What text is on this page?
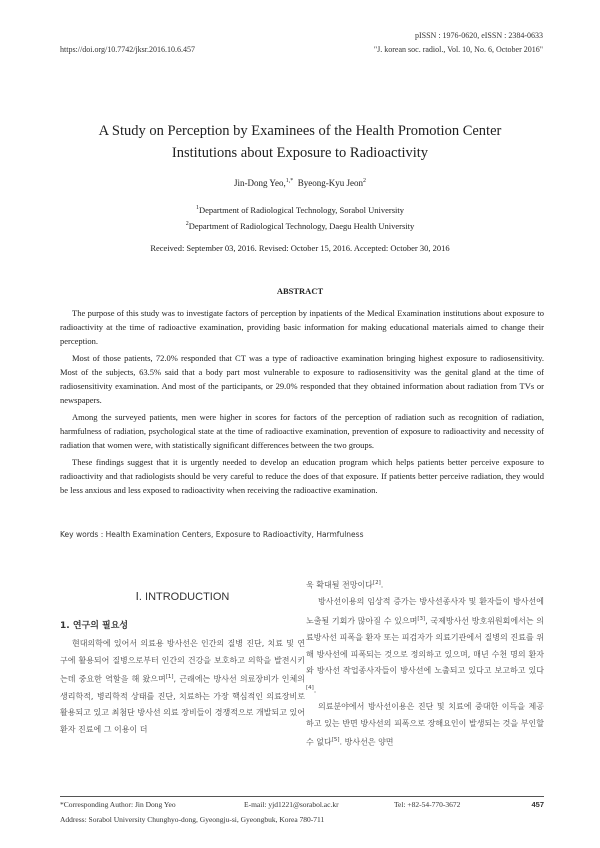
pISSN : 1976-0620, eISSN : 2384-0633
https://doi.org/10.7742/jksr.2016.10.6.457	"J. korean soc. radiol., Vol. 10, No. 6, October 2016"
A Study on Perception by Examinees of the Health Promotion Center
Institutions about Exposure to Radioactivity
Jin-Dong Yeo,$^{1,*}$ Byeong-Kyu Jeon$^2$
$^1$Department of Radiological Technology, Sorabol University
$^2$Department of Radiological Technology, Daegu Health University
Received: September 03, 2016. Revised: October 15, 2016. Accepted: October 30, 2016
ABSTRACT

The purpose of this study was to investigate factors of perception by inpatients of the Medical Examination institutions about exposure to radioactivity at the time of radioactive examination, providing basic information for making educational materials aimed to change their perception.

Most of those patients, 72.0% responded that CT was a type of radioactive examination bringing highest exposure to radiosensitivity. Most of the subjects, 63.5% said that a body part most vulnerable to exposure to radiosensitivity was the genital gland at the time of radiosensitivity examination. And most of the participants, or 29.0% responded that they obtained information about radiation from TVs or newspapers.

Among the surveyed patients, men were higher in scores for factors of the perception of radiation such as recognition of radiation, harmfulness of radiation, psychological state at the time of radioactive examination, prevention of exposure to radioactivity and necessity of radiation that women were, with statistically significant differences between the two groups.

These findings suggest that it is urgently needed to develop an education program which helps patients better perceive exposure to radioactivity and that radiologists should be very careful to reduce the does of that exposure. If patients better perceive radiation, they would be less anxious and less exposed to radioactivity when receiving the radioactive examination.

Key words : Health Examination Centers, Exposure to Radioactivity, Harmfulness
Ⅰ. INTRODUCTION
1. 연구의 필요성

현대의학에 있어서 의료용 방사선은 인간의 질병 진단, 치료 및 연구에 활용되어 질병으로부터 인간의 건강을 보호하고 의학을 발전시키는데 중요한 역할을 해 왔으며[1], 근래에는 방사선 의료장비가 인체의 생리학적, 병리학적 상태를 진단, 치료하는 가장 핵심적인 의료장비로 활용되고 있고 최첨단 방사선 의료 장비들이 경쟁적으로 개발되고 있어 환자 진료에 그 이용이 더

욱 확대될 전망이다[2].

방사선이용의 임상적 증가는 방사선종사자 및 환자들이 방사선에 노출될 기회가 많아질 수 있으며[3], 국제방사선 방호위원회에서는 의료방사선 피폭을 환자 또는 피검자가 의료기관에서 질병의 진료를 위해 방사선에 피폭되는 것으로 정의하고 있으며, 매년 수천 명의 환자와 방사선 작업종사자들이 방사선에 노출되고 있다고 보고하고 있다[4].

의료분야에서 방사선이용은 진단 및 치료에 중대한 이득을 제공하고 있는 반면 방사선의 피폭으로 장해요인이 발생되는 것을 부인할 수 없다[5]. 방사선은 양면

*Corresponding Author: Jin Dong Yeo	E-mail: yjd1221@sorabol.ac.kr	Tel: +82-54-770-3672	457
Address: Sorabol University Chunghyo-dong, Gyeongju-si, Gyeongbuk, Korea 780-711
